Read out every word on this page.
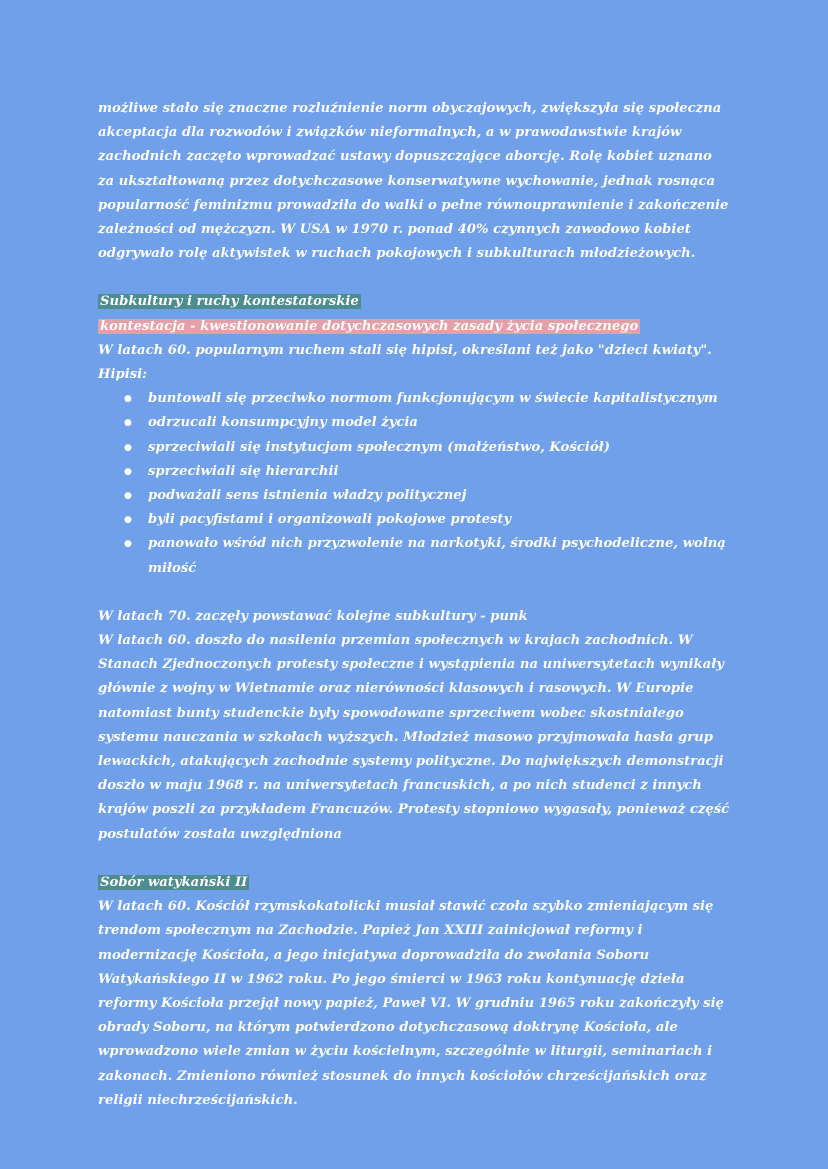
możliwe stało się znaczne rozluźnienie norm obyczajowych, zwiększyła się społeczna akceptacja dla rozwodów i związków nieformalnych, a w prawodawstwie krajów zachodnich zaczęto wprowadzać ustawy dopuszczające aborcję. Rolę kobiet uznano za ukształtowaną przez dotychczasowe konserwatywne wychowanie, jednak rosnąca popularność feminizmu prowadziła do walki o pełne równouprawnienie i zakończenie zależności od mężczyzn. W USA w 1970 r. ponad 40% czynnych zawodowo kobiet odgrywało rolę aktywistek w ruchach pokojowych i subkulturach młodzieżowych.

Subkultury i ruchy kontestatorskie

kontestacja - kwestionowanie dotychczasowych zasady życia społecznego

W latach 60. popularnym ruchem stali się hipisi, określani też jako "dzieci kwiaty". Hipisi:

● buntowali się przeciwko normom funkcjonującym w świecie kapitalistycznym
● odrzucali konsumpcyjny model życia
● sprzeciwiali się instytucjom społecznym (małżeństwo, Kościół)
● sprzeciwiali się hierarchii
● podważali sens istnienia władzy politycznej
● byli pacyfistami i organizowali pokojowe protesty
● panowało wśród nich przyzwolenie na narkotyki, środki psychodeliczne, wolną miłość

W latach 70. zaczęły powstawać kolejne subkultury - punk

W latach 60. doszło do nasilenia przemian społecznych w krajach zachodnich. W Stanach Zjednoczonych protesty społeczne i wystąpienia na uniwersytetach wynikały głównie z wojny w Wietnamie oraz nierówności klasowych i rasowych. W Europie natomiast bunty studenckie były spowodowane sprzeciwem wobec skostniałego systemu nauczania w szkołach wyższych. Młodzież masowo przyjmowała hasła grup lewackich, atakujących zachodnie systemy polityczne. Do największych demonstracji doszło w maju 1968 r. na uniwersytetach francuskich, a po nich studenci z innych krajów poszli za przykładem Francuzów. Protesty stopniowo wygasały, ponieważ część postulatów została uwzględniona

Sobór watykański II

W latach 60. Kościół rzymskokatolicki musiał stawić czoła szybko zmieniającym się trendom społecznym na Zachodzie. Papież Jan XXIII zainicjował reformy i modernizację Kościoła, a jego inicjatywa doprowadziła do zwołania Soboru Watykańskiego II w 1962 roku. Po jego śmierci w 1963 roku kontynuację dzieła reformy Kościoła przejął nowy papież, Paweł VI. W grudniu 1965 roku zakończyły się obrady Soboru, na którym potwierdzono dotychczasową doktrynę Kościoła, ale wprowadzono wiele zmian w życiu kościelnym, szczególnie w liturgii, seminariach i zakonach. Zmieniono również stosunek do innych kościołów chrześcijańskich oraz religii niechrześcijańskich.
